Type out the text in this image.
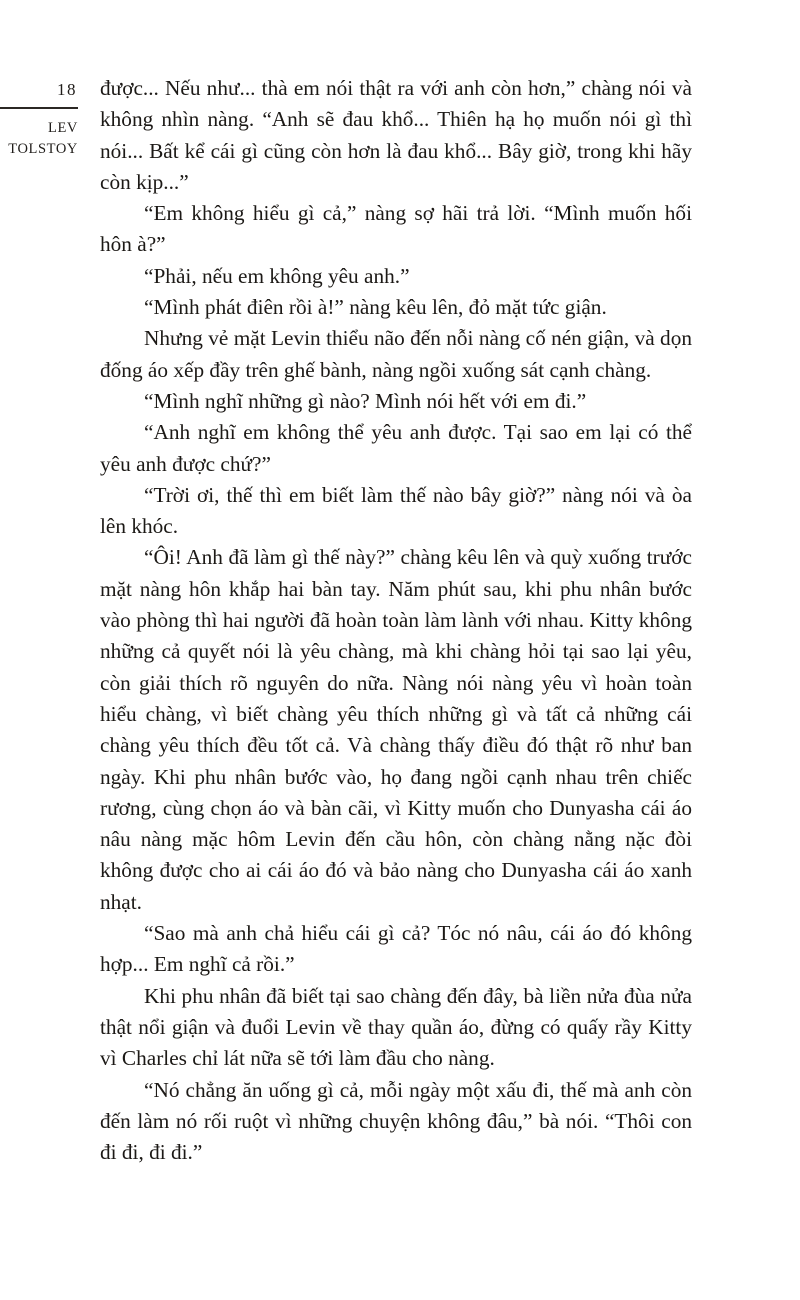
18
LEV
TOLSTOY

được... Nếu như... thà em nói thật ra với anh còn hơn,” chàng nói và không nhìn nàng. “Anh sẽ đau khổ... Thiên hạ họ muốn nói gì thì nói... Bất kể cái gì cũng còn hơn là đau khổ... Bây giờ, trong khi hãy còn kịp...”

“Em không hiểu gì cả,” nàng sợ hãi trả lời. “Mình muốn hối hôn à?”

“Phải, nếu em không yêu anh.”

“Mình phát điên rồi à!” nàng kêu lên, đỏ mặt tức giận.

Nhưng vẻ mặt Levin thiểu não đến nỗi nàng cố nén giận, và dọn đống áo xếp đầy trên ghế bành, nàng ngồi xuống sát cạnh chàng.

“Mình nghĩ những gì nào? Mình nói hết với em đi.”

“Anh nghĩ em không thể yêu anh được. Tại sao em lại có thể yêu anh được chứ?”

“Trời ơi, thế thì em biết làm thế nào bây giờ?” nàng nói và òa lên khóc.

“Ôi! Anh đã làm gì thế này?” chàng kêu lên và quỳ xuống trước mặt nàng hôn khắp hai bàn tay. Năm phút sau, khi phu nhân bước vào phòng thì hai người đã hoàn toàn làm lành với nhau. Kitty không những cả quyết nói là yêu chàng, mà khi chàng hỏi tại sao lại yêu, còn giải thích rõ nguyên do nữa. Nàng nói nàng yêu vì hoàn toàn hiểu chàng, vì biết chàng yêu thích những gì và tất cả những cái chàng yêu thích đều tốt cả. Và chàng thấy điều đó thật rõ như ban ngày. Khi phu nhân bước vào, họ đang ngồi cạnh nhau trên chiếc rương, cùng chọn áo và bàn cãi, vì Kitty muốn cho Dunyasha cái áo nâu nàng mặc hôm Levin đến cầu hôn, còn chàng nằng nặc đòi không được cho ai cái áo đó và bảo nàng cho Dunyasha cái áo xanh nhạt.

“Sao mà anh chả hiểu cái gì cả? Tóc nó nâu, cái áo đó không hợp... Em nghĩ cả rồi.”

Khi phu nhân đã biết tại sao chàng đến đây, bà liền nửa đùa nửa thật nổi giận và đuổi Levin về thay quần áo, đừng có quấy rầy Kitty vì Charles chỉ lát nữa sẽ tới làm đầu cho nàng.

“Nó chẳng ăn uống gì cả, mỗi ngày một xấu đi, thế mà anh còn đến làm nó rối ruột vì những chuyện không đâu,” bà nói. “Thôi con đi đi, đi đi.”
